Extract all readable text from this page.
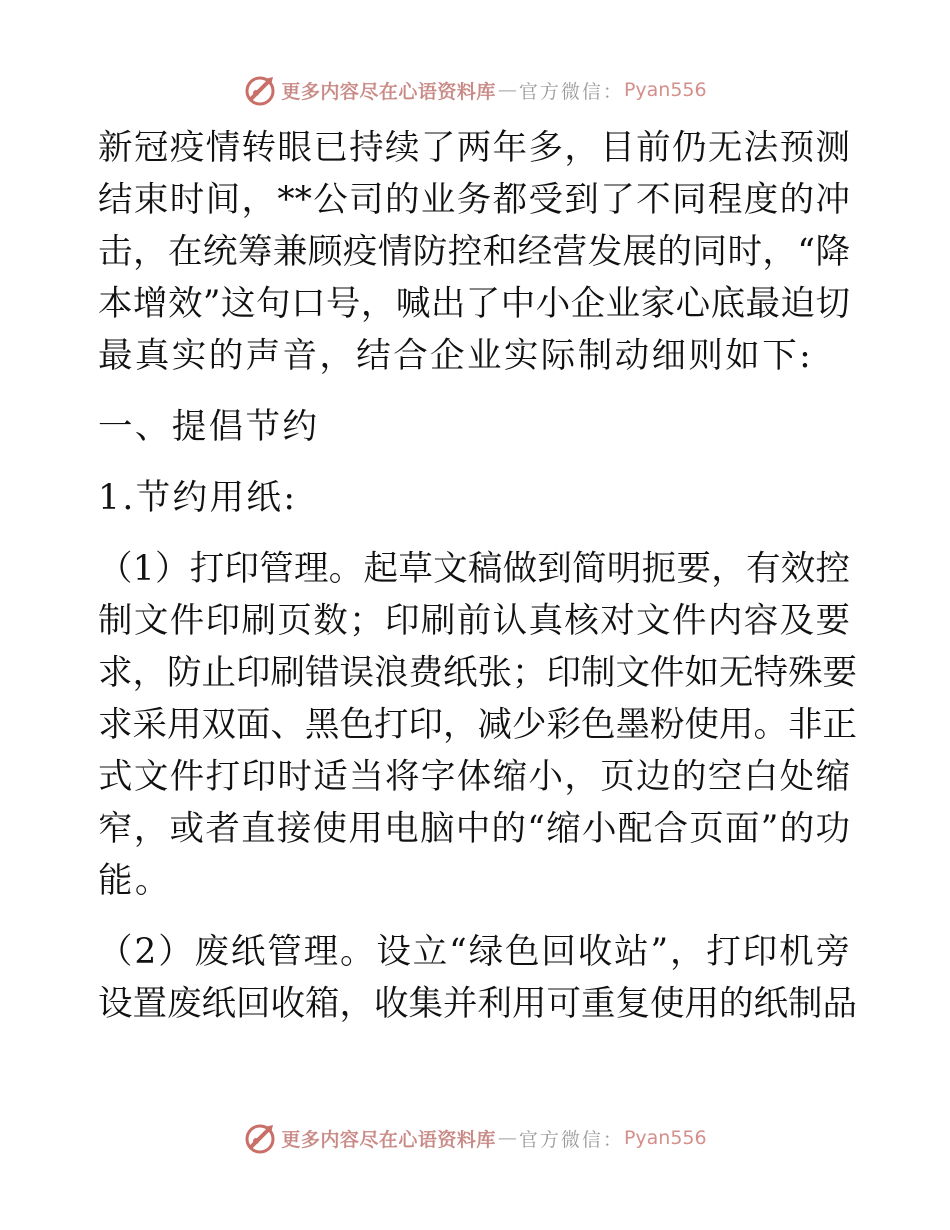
更多内容尽在心语资料库 — 官方微信： Pyan556
新冠疫情转眼已持续了两年多，目前仍无法预测
结束时间，**公司的业务都受到了不同程度的冲
击，在统筹兼顾疫情防控和经营发展的同时，“降
本增效”这句口号，喊出了中小企业家心底最迫切
最真实的声音，结合企业实际制动细则如下:
一、提倡节约
1.节约用纸:
（1）打印管理。起草文稿做到简明扼要，有效控
制文件印刷页数；印刷前认真核对文件内容及要
求，防止印刷错误浪费纸张；印制文件如无特殊要
求采用双面、黑色打印，减少彩色墨粉使用。非正
式文件打印时适当将字体缩小，页边的空白处缩
窄，或者直接使用电脑中的“缩小配合页面”的功
能。
（2）废纸管理。设立“绿色回收站”，打印机旁
设置废纸回收箱，收集并利用可重复使用的纸制品
更多内容尽在心语资料库 — 官方微信： Pyan556
